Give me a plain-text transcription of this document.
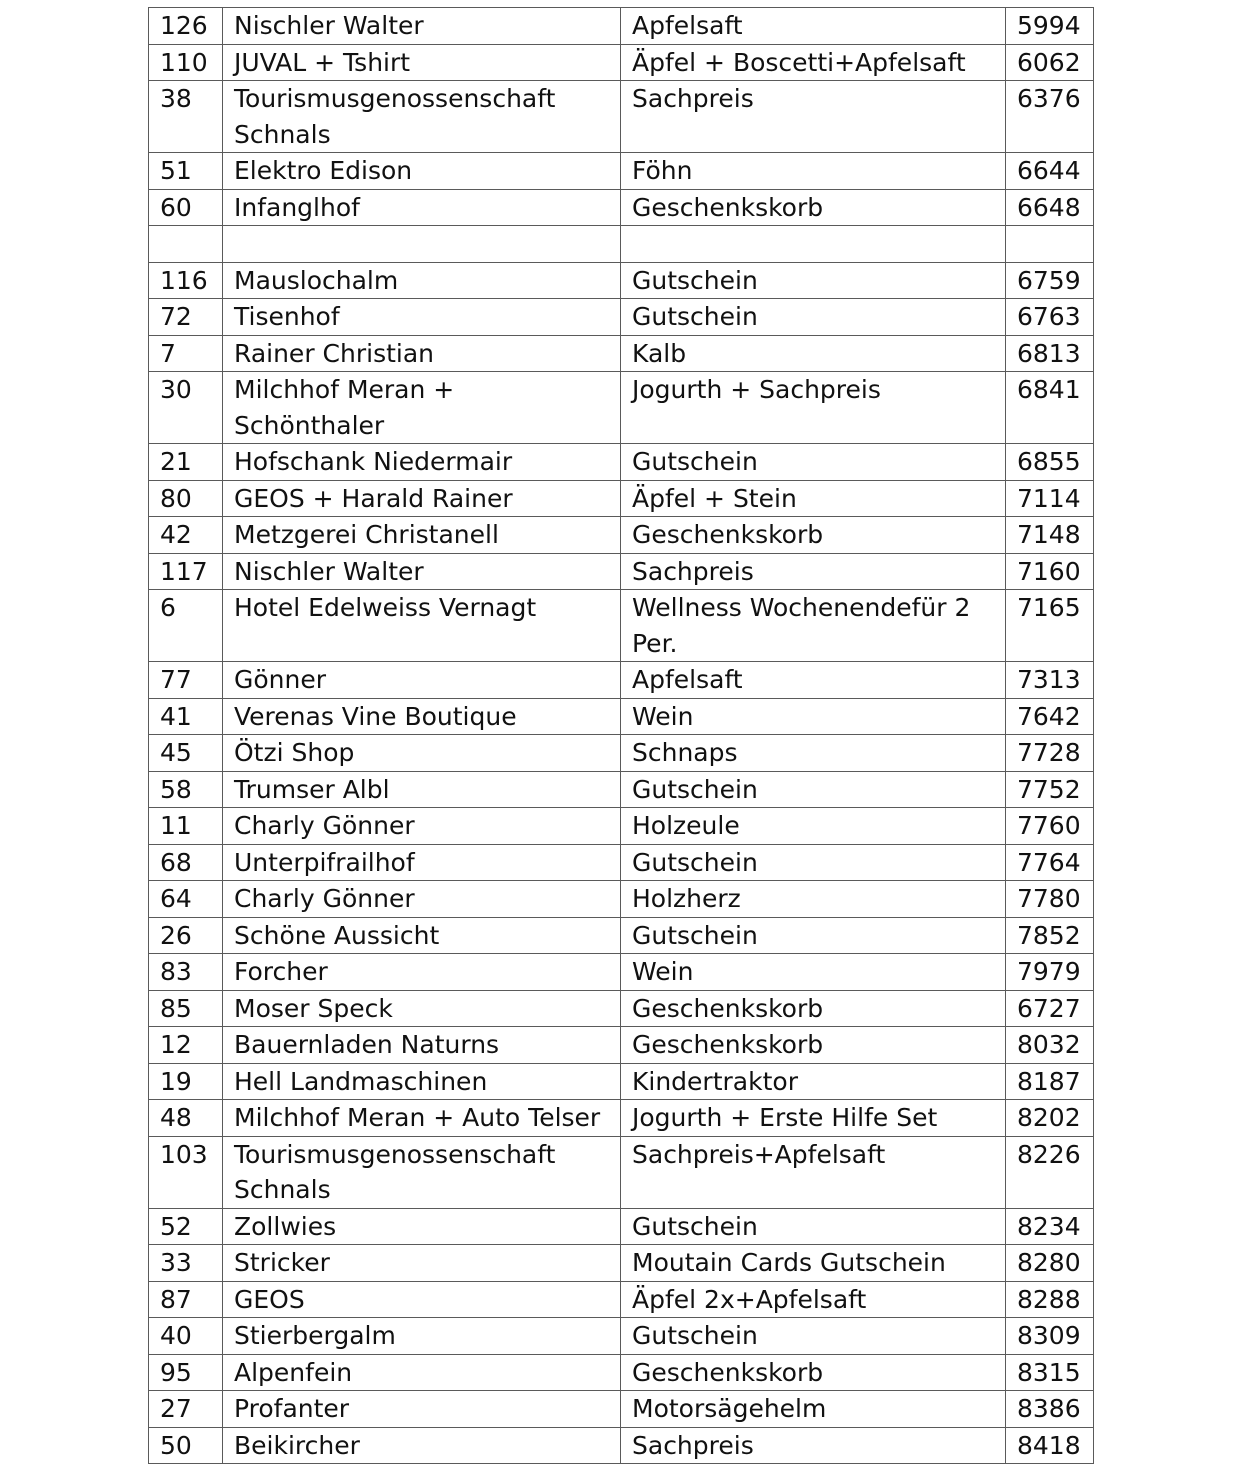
126	Nischler Walter	Apfelsaft	5994
110	JUVAL + Tshirt	Äpfel + Boscetti+Apfelsaft	6062
38	Tourismusgenossenschaft Schnals	Sachpreis	6376
51	Elektro Edison	Föhn	6644
60	Infanglhof	Geschenkskorb	6648

116	Mauslochalm	Gutschein	6759
72	Tisenhof	Gutschein	6763
7	Rainer Christian	Kalb	6813
30	Milchhof Meran + Schönthaler	Jogurth + Sachpreis	6841
21	Hofschank Niedermair	Gutschein	6855
80	GEOS + Harald Rainer	Äpfel + Stein	7114
42	Metzgerei Christanell	Geschenkskorb	7148
117	Nischler Walter	Sachpreis	7160
6	Hotel Edelweiss Vernagt	Wellness Wochenendefür 2 Per.	7165
77	Gönner	Apfelsaft	7313
41	Verenas Vine Boutique	Wein	7642
45	Ötzi Shop	Schnaps	7728
58	Trumser Albl	Gutschein	7752
11	Charly Gönner	Holzeule	7760
68	Unterpifrailhof	Gutschein	7764
64	Charly Gönner	Holzherz	7780
26	Schöne Aussicht	Gutschein	7852
83	Forcher	Wein	7979
85	Moser Speck	Geschenkskorb	6727
12	Bauernladen Naturns	Geschenkskorb	8032
19	Hell Landmaschinen	Kindertraktor	8187
48	Milchhof Meran + Auto Telser	Jogurth + Erste Hilfe Set	8202
103	Tourismusgenossenschaft Schnals	Sachpreis+Apfelsaft	8226
52	Zollwies	Gutschein	8234
33	Stricker	Moutain Cards Gutschein	8280
87	GEOS	Äpfel 2x+Apfelsaft	8288
40	Stierbergalm	Gutschein	8309
95	Alpenfein	Geschenkskorb	8315
27	Profanter	Motorsägehelm	8386
50	Beikircher	Sachpreis	8418
